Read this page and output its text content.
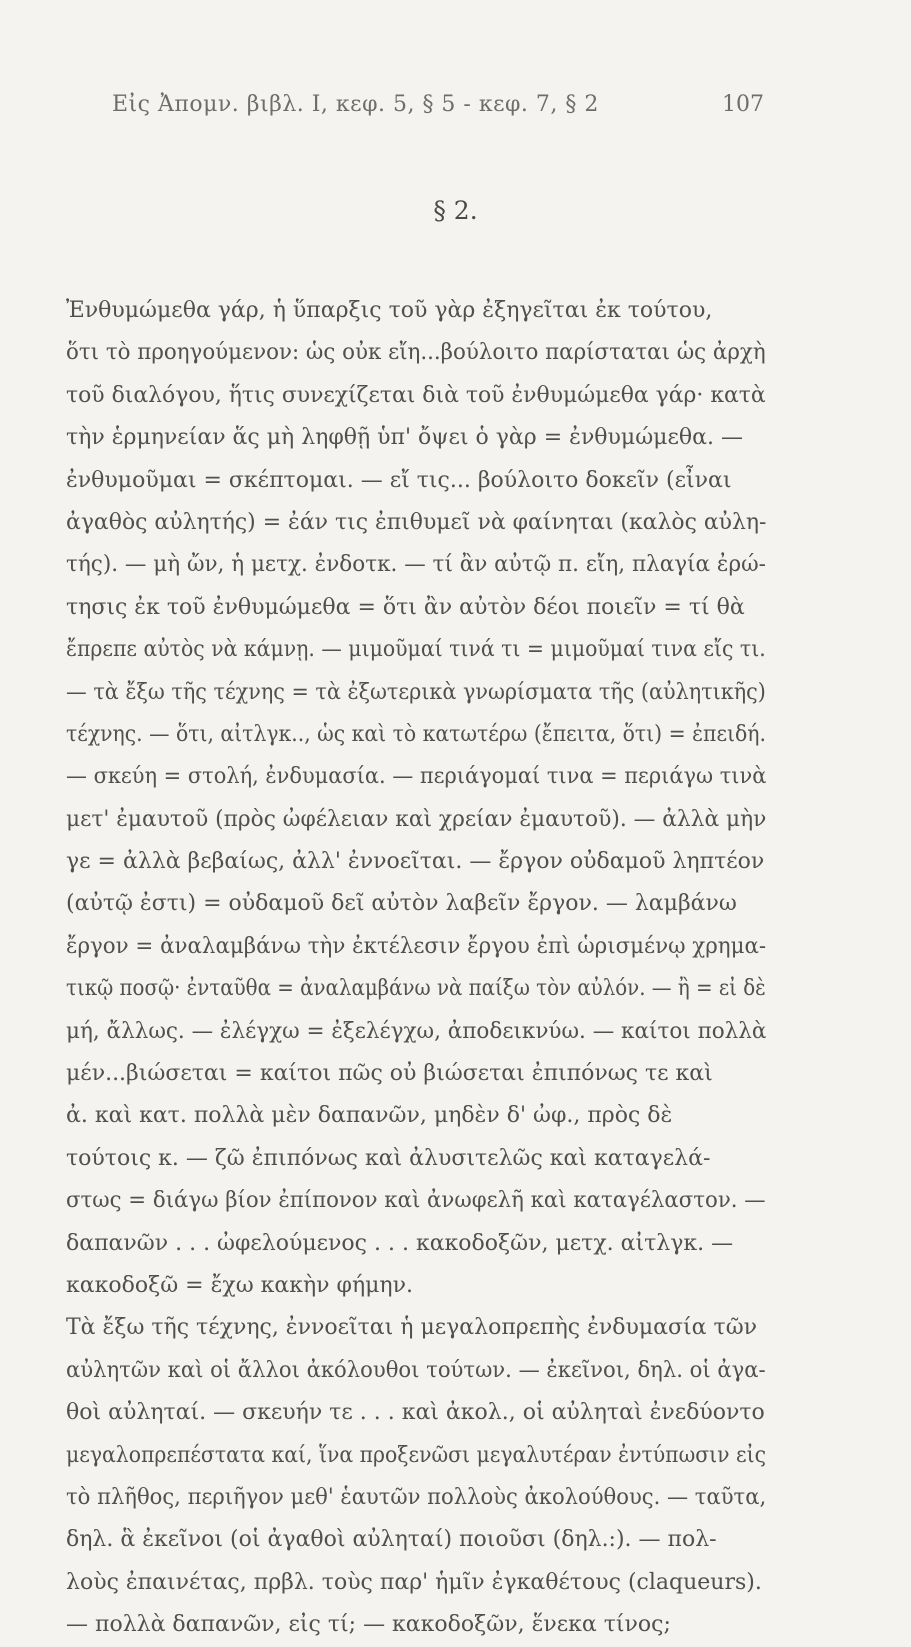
Εἰς Ἀπομν. βιβλ. Ι, κεφ. 5, § 5 - κεφ. 7, § 2	107
§ 2.
Ἐνθυμώμεθα γάρ, ἡ ὕπαρξις τοῦ γὰρ ἐξηγεῖται ἐκ τούτου,
ὅτι τὸ προηγούμενον: ὡς οὐκ εἴη...βούλοιτο παρίσταται ὡς ἀρχὴ
τοῦ διαλόγου, ἥτις συνεχίζεται διὰ τοῦ ἐνθυμώμεθα γάρ· κατὰ
τὴν ἑρμηνείαν ἅς μὴ ληφθῇ ὑπ' ὄψει ὁ γὰρ = ἐνθυμώμεθα. —
ἐνθυμοῦμαι = σκέπτομαι. — εἴ τις... βούλοιτο δοκεῖν (εἶναι
ἀγαθὸς αὐλητής) = ἐάν τις ἐπιθυμεῖ νὰ φαίνηται (καλὸς αὐλη-
τής). — μὴ ὤν, ἡ μετχ. ἐνδοτκ. — τί ἂν αὐτῷ π. εἴη, πλαγία ἐρώ-
τησις ἐκ τοῦ ἐνθυμώμεθα = ὅτι ἂν αὐτὸν δέοι ποιεῖν = τί θὰ
ἔπρεπε αὐτὸς νὰ κάμνῃ. — μιμοῦμαί τινά τι = μιμοῦμαί τινα εἴς τι.
— τὰ ἔξω τῆς τέχνης = τὰ ἐξωτερικὰ γνωρίσματα τῆς (αὐλητικῆς)
τέχνης. — ὅτι, αἰτλγκ.., ὡς καὶ τὸ κατωτέρω (ἔπειτα, ὅτι) = ἐπειδή.
— σκεύη = στολή, ἐνδυμασία. — περιάγομαί τινα = περιάγω τινὰ
μετ' ἐμαυτοῦ (πρὸς ὠφέλειαν καὶ χρείαν ἐμαυτοῦ). — ἀλλὰ μὴν
γε = ἀλλὰ βεβαίως, ἀλλ' ἐννοεῖται. — ἔργον οὐδαμοῦ ληπτέον
(αὐτῷ ἐστι) = οὐδαμοῦ δεῖ αὐτὸν λαβεῖν ἔργον. — λαμβάνω
ἔργον = ἀναλαμβάνω τὴν ἐκτέλεσιν ἔργου ἐπὶ ὡρισμένῳ χρημα-
τικῷ ποσῷ· ἐνταῦθα = ἀναλαμβάνω νὰ παίξω τὸν αὐλόν. — ἢ = εἰ δὲ
μή, ἄλλως. — ἐλέγχω = ἐξελέγχω, ἀποδεικνύω. — καίτοι πολλὰ
μέν...βιώσεται = καίτοι πῶς οὐ βιώσεται ἐπιπόνως τε καὶ
ἀ. καὶ κατ. πολλὰ μὲν δαπανῶν, μηδὲν δ' ὠφ., πρὸς δὲ
τούτοις κ. — ζῶ ἐπιπόνως καὶ ἀλυσιτελῶς καὶ καταγελά-
στως = διάγω βίον ἐπίπονον καὶ ἀνωφελῆ καὶ καταγέλαστον. —
δαπανῶν . . . ὠφελούμενος . . . κακοδοξῶν, μετχ. αἰτλγκ. —
κακοδοξῶ = ἔχω κακὴν φήμην.
Τὰ ἔξω τῆς τέχνης, ἐννοεῖται ἡ μεγαλοπρεπὴς ἐνδυμασία τῶν
αὐλητῶν καὶ οἱ ἄλλοι ἀκόλουθοι τούτων. — ἐκεῖνοι, δηλ. οἱ ἀγα-
θοὶ αὐληταί. — σκευήν τε . . . καὶ ἀκολ., οἱ αὐληταὶ ἐνεδύοντο
μεγαλοπρεπέστατα καί, ἵνα προξενῶσι μεγαλυτέραν ἐντύπωσιν εἰς
τὸ πλῆθος, περιῆγον μεθ' ἑαυτῶν πολλοὺς ἀκολούθους. — ταῦτα,
δηλ. ἃ ἐκεῖνοι (οἱ ἀγαθοὶ αὐληταί) ποιοῦσι (δηλ.:). — πολ-
λοὺς ἐπαινέτας, πρβλ. τοὺς παρ' ἡμῖν ἐγκαθέτους (claqueurs).
— πολλὰ δαπανῶν, εἰς τί; — κακοδοξῶν, ἕνεκα τίνος;
